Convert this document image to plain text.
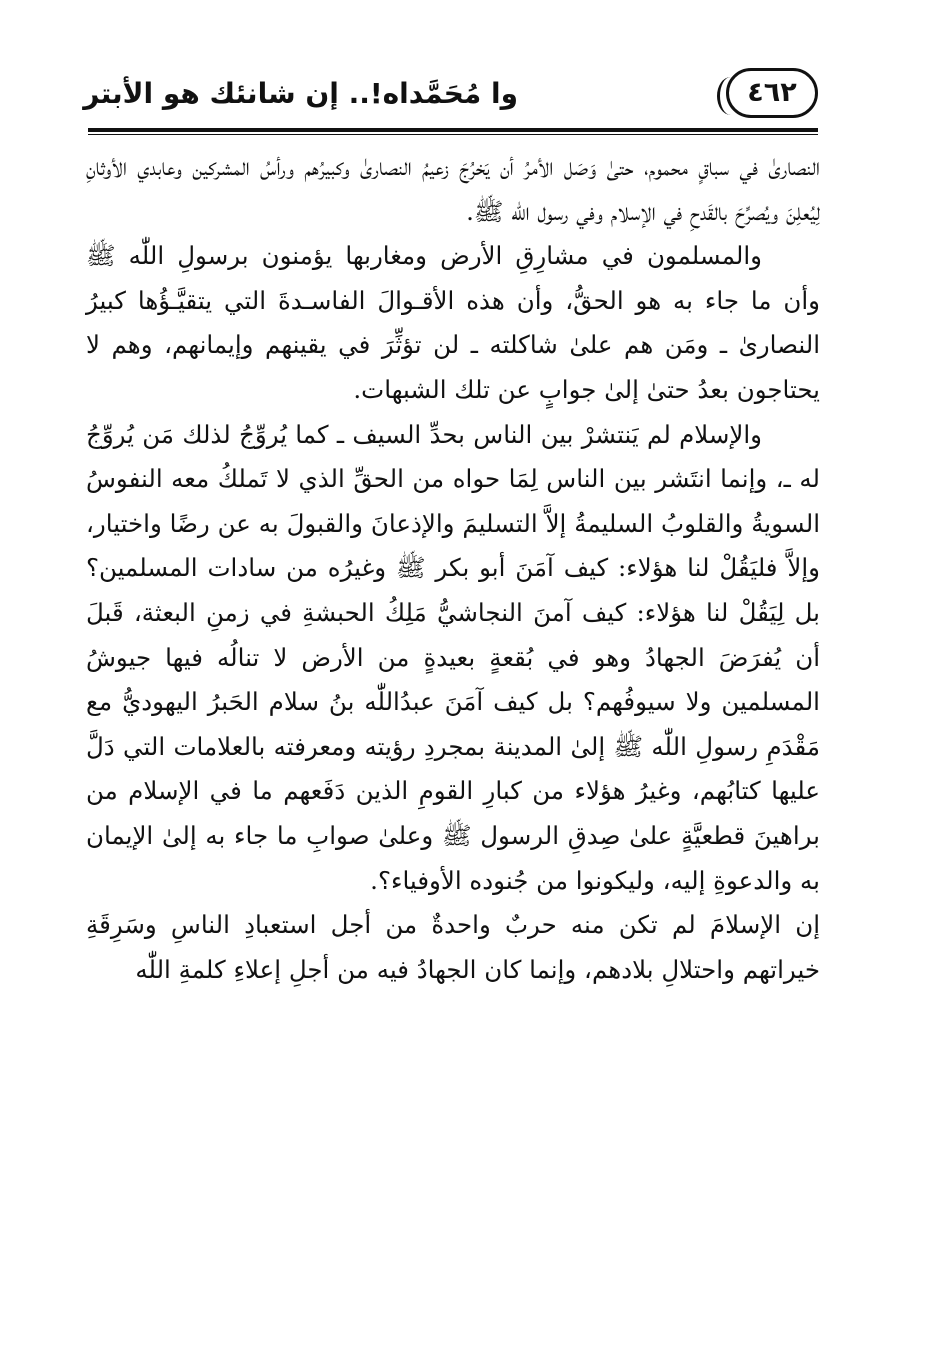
وا مُحَمَّداه!.. إن شانئك هو الأبتر	٤٦٢

النصارىٰ في سباقٍ محموم، حتىٰ وَصَل الأمرُ أن يَخرُجَ زعيمُ النصارىٰ وكبيرُهم ورأسُ المشركين وعابدي الأوثانِ لِيُعلِنَ ويُصرِّحَ بالقَدحِ في الإسلام وفي رسول اللّٰه ﷺ.

والمسلمون في مشارِقِ الأرض ومغاربها يؤمنون برسولِ اللّٰه ﷺ وأن ما جاء به هو الحقُّ، وأن هذه الأقـوالَ الفاسـدةَ التي يتقيَّـؤُها كبيرُ النصارىٰ ـ ومَن هم علىٰ شاكلته ـ لن تؤثِّرَ في يقينهم وإيمانهم، وهم لا يحتاجون بعدُ حتىٰ إلىٰ جوابٍ عن تلك الشبهات.

والإسلام لم يَنتشرْ بين الناس بحدِّ السيف ـ كما يُروِّجُ لذلك مَن يُروِّجُ له ـ، وإنما انتَشر بين الناس لِمَا حواه من الحقِّ الذي لا تَملكُ معه النفوسُ السويةُ والقلوبُ السليمةُ إلاَّ التسليمَ والإذعانَ والقبولَ به عن رضًا واختيار، وإلاَّ فليَقُلْ لنا هؤلاء: كيف آمَنَ أبو بكر ﷺ وغيرُه من سادات المسلمين؟ بل لِيَقُلْ لنا هؤلاء: كيف آمنَ النجاشيُّ مَلِكُ الحبشةِ في زمنِ البعثة، قَبلَ أن يُفرَضَ الجهادُ وهو في بُقعةٍ بعيدةٍ من الأرض لا تنالُه فيها جيوشُ المسلمين ولا سيوفُهم؟ بل كيف آمَنَ عبدُاللّٰه بنُ سلام الحَبرُ اليهوديُّ مع مَقْدَمِ رسولِ اللّٰه ﷺ إلىٰ المدينة بمجردِ رؤيته ومعرفته بالعلامات التي دَلَّ عليها كتابُهم، وغيرُ هؤلاء من كبارِ القومِ الذين دَفَعهم ما في الإسلام من براهينَ قطعيَّةٍ علىٰ صِدقِ الرسول ﷺ وعلىٰ صوابِ ما جاء به إلىٰ الإيمان به والدعوةِ إليه، وليكونوا من جُنوده الأوفياء؟.

إن الإسلامَ لم تكن منه حربٌ واحدةٌ من أجل استعبادِ الناسِ وسَرِقَةِ خيراتهم واحتلالِ بلادهم، وإنما كان الجهادُ فيه من أجلِ إعلاءِ كلمةِ اللّٰه
